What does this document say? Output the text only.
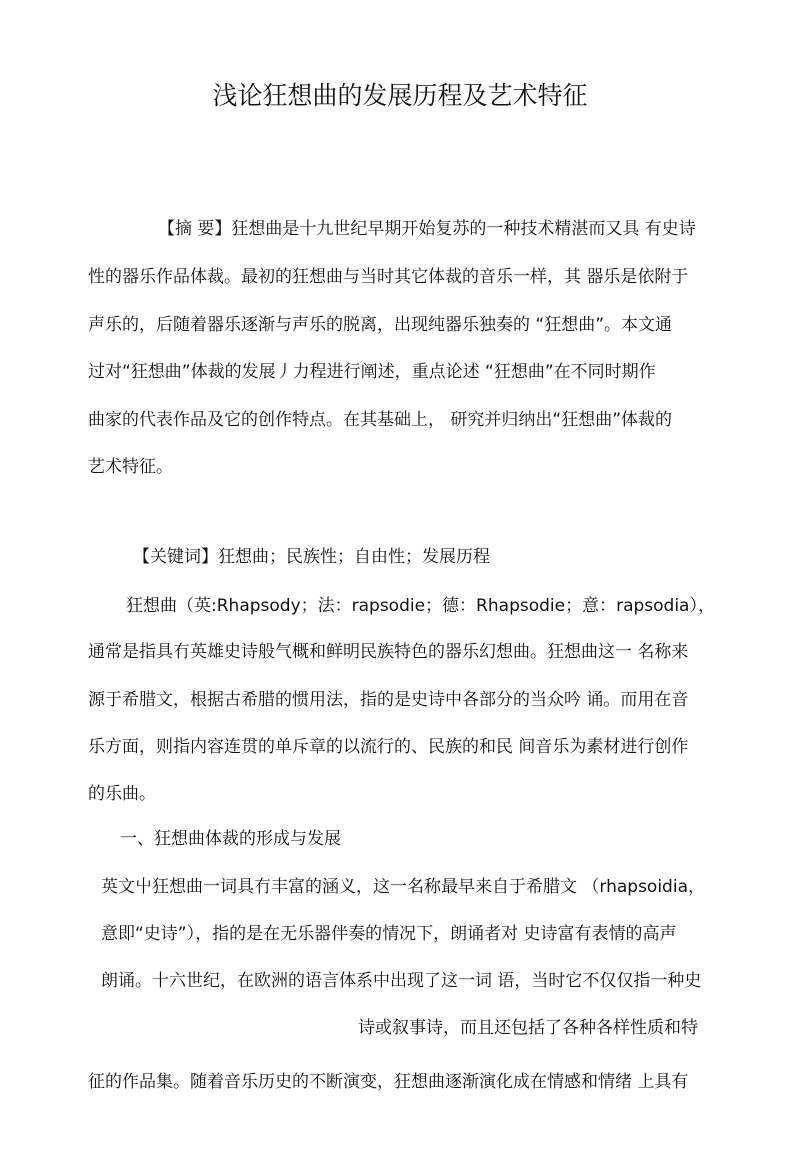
浅论狂想曲的发展历程及艺术特征
【摘 要】狂想曲是十九世纪早期开始复苏的一种技术精湛而又具 有史诗
性的器乐作品体裁。最初的狂想曲与当时其它体裁的音乐一样，其 器乐是依附于
声乐的，后随着器乐逐渐与声乐的脱离，出现纯器乐独奏的 “狂想曲”。本文通
过对“狂想曲”体裁的发展丿力程进行阐述，重点论述 “狂想曲”在不同时期作
曲家的代表作品及它的创作特点。在其基础上， 研究并归纳出“狂想曲”体裁的
艺术特征。
【关键词】狂想曲；民族性；自由性；发展历程
狂想曲（英:Rhapsody；法：rapsodie；德：Rhapsodie；意：rapsodia），
通常是指具冇英雄史诗般气概和鲜明民族特色的器乐幻想曲。狂想曲这一 名称来
源于希腊文，根据古希腊的惯用法，指的是史诗中各部分的当众吟 诵。而用在音
乐方面，则指内容连贯的单斥章的以流行的、民族的和民 间音乐为素材进行创作
的乐曲。
一、狂想曲体裁的形成与发展
英文屮狂想曲一词具冇丰富的涵义，这一名称最早来自于希腊文 （rhapsoidia，
意即“史诗”），指的是在无乐器伴奏的情况下，朗诵者对 史诗富有表情的高声
朗诵。十六世纪，在欧洲的语言体系中出现了这一词 语，当时它不仅仅指一种史
诗或叙事诗，而且还包括了各种各样性质和特
征的作品集。随着音乐历史的不断演变，狂想曲逐渐演化成在情感和情绪 上具有
